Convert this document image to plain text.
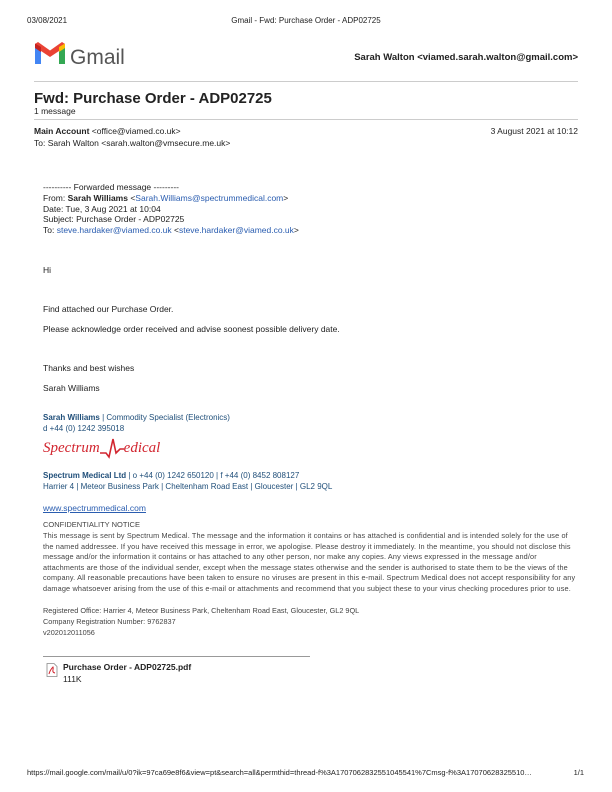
03/08/2021	Gmail - Fwd: Purchase Order - ADP02725
Gmail	Sarah Walton <viamed.sarah.walton@gmail.com>
Fwd: Purchase Order - ADP02725
1 message
Main Account <office@viamed.co.uk>	3 August 2021 at 10:12
To: Sarah Walton <sarah.walton@vmsecure.me.uk>
---------- Forwarded message ---------
From: Sarah Williams <Sarah.Williams@spectrummedical.com>
Date: Tue, 3 Aug 2021 at 10:04
Subject: Purchase Order - ADP02725
To: steve.hardaker@viamed.co.uk <steve.hardaker@viamed.co.uk>
Hi
Find attached our Purchase Order.
Please acknowledge order received and advise soonest possible delivery date.
Thanks and best wishes
Sarah Williams
Sarah Williams | Commodity Specialist (Electronics)
d +44 (0) 1242 395018
Spectrum edical
Spectrum Medical Ltd | o +44 (0) 1242 650120 | f +44 (0) 8452 808127
Harrier 4 | Meteor Business Park | Cheltenham Road East | Gloucester | GL2 9QL
www.spectrummedical.com
CONFIDENTIALITY NOTICE
This message is sent by Spectrum Medical. The message and the information it contains or has attached is confidential and is intended solely for the use of the named addressee. If you have received this message in error, we apologise. Please destroy it immediately. In the meantime, you should not disclose this message and/or the information it contains or has attached to any other person, nor make any copies. Any views expressed in the message and/or attachments are those of the individual sender, except when the message states otherwise and the sender is authorised to state them to be the views of the company. All reasonable precautions have been taken to ensure no viruses are present in this e-mail. Spectrum Medical does not accept responsibility for any damage whatsoever arising from the use of this e-mail or attachments and recommend that you subject these to your virus checking procedures prior to use.
Registered Office: Harrier 4, Meteor Business Park, Cheltenham Road East, Gloucester, GL2 9QL
Company Registration Number: 9762837
v202012011056
Purchase Order - ADP02725.pdf
111K
https://mail.google.com/mail/u/0?ik=97ca69e8f6&view=pt&search=all&permthid=thread-f%3A1707062832551045541%7Cmsg-f%3A17070628325510…	1/1
